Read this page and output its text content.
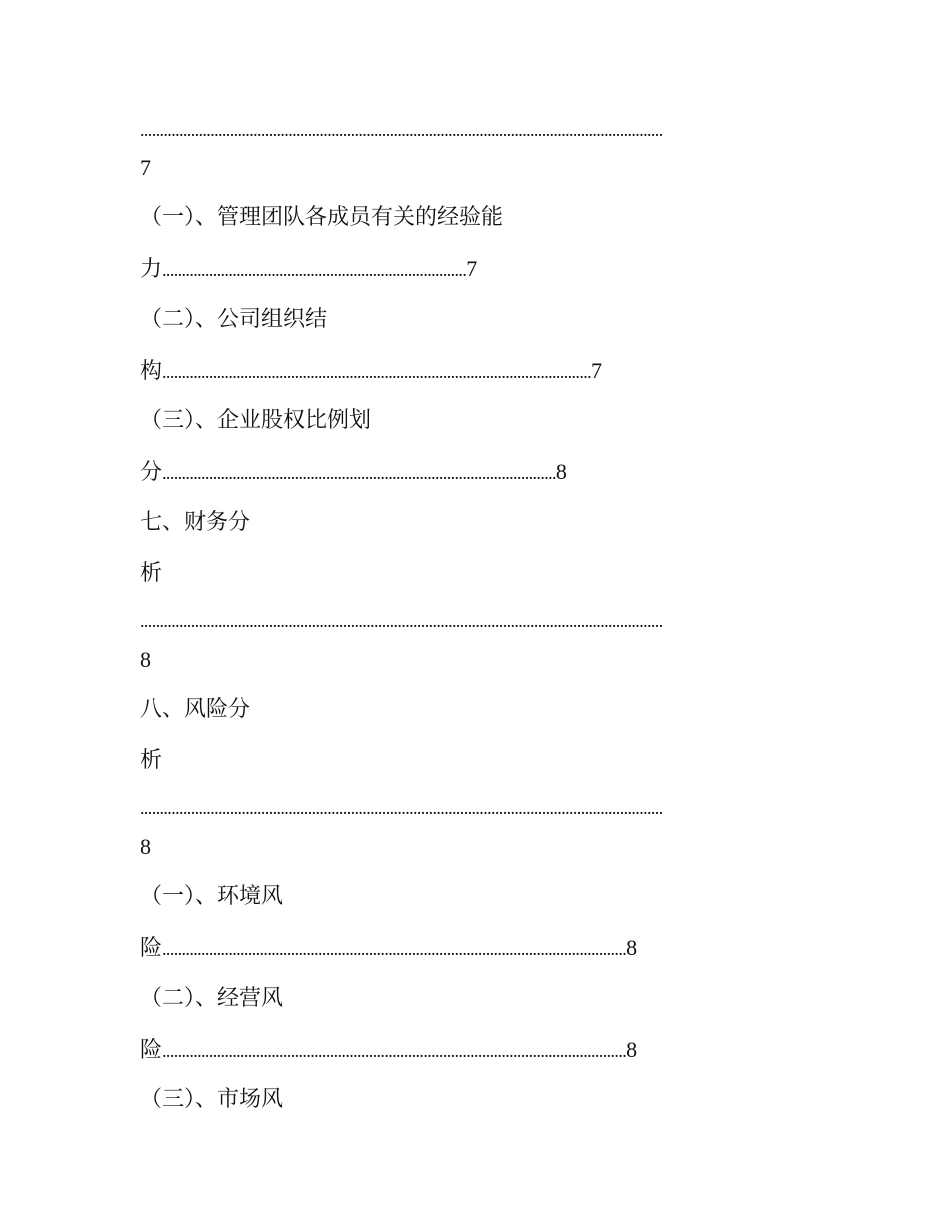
......................................................................................................................................
7
（一）、管理团队各成员有关的经验能
力..............................................................................7
（二）、公司组织结
构..............................................................................................................7
（三）、企业股权比例划
分.....................................................................................................8
七、财务分
析
......................................................................................................................................
8
八、风险分
析
......................................................................................................................................
8
（一）、环境风
险.......................................................................................................................8
（二）、经营风
险.......................................................................................................................8
（三）、市场风
